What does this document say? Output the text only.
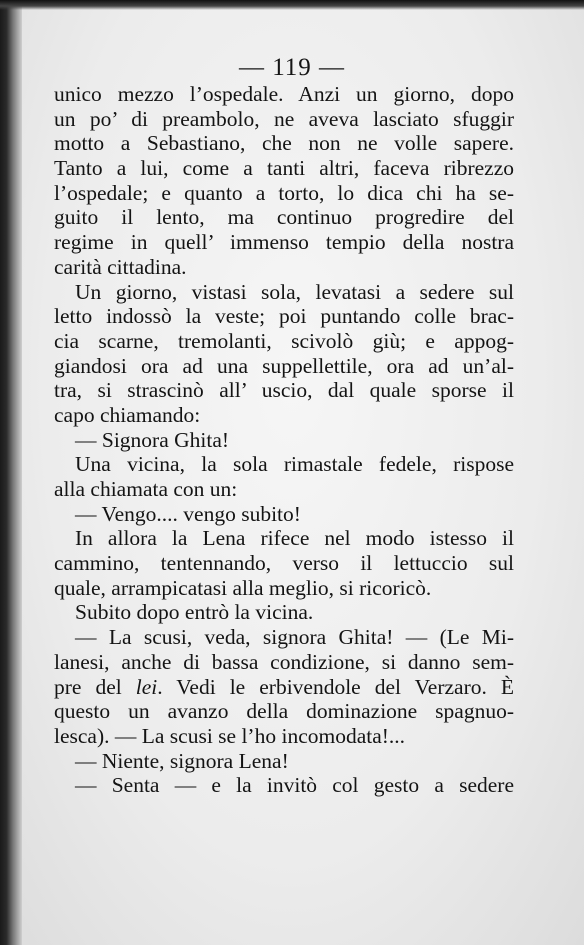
— 119 —
unico mezzo l’ospedale. Anzi un giorno, dopo
un po’ di preambolo, ne aveva lasciato sfuggir
motto a Sebastiano, che non ne volle sapere.
Tanto a lui, come a tanti altri, faceva ribrezzo
l’ospedale; e quanto a torto, lo dica chi ha se-
guito il lento, ma continuo progredire del
regime in quell’ immenso tempio della nostra
carità cittadina.
Un giorno, vistasi sola, levatasi a sedere sul
letto indossò la veste; poi puntando colle brac-
cia scarne, tremolanti, scivolò giù; e appog-
giandosi ora ad una suppellettile, ora ad un’al-
tra, si strascinò all’ uscio, dal quale sporse il
capo chiamando:
— Signora Ghita!
Una vicina, la sola rimastale fedele, rispose
alla chiamata con un:
— Vengo.... vengo subito!
In allora la Lena rifece nel modo istesso il
cammino, tentennando, verso il lettuccio sul
quale, arrampicatasi alla meglio, si ricoricò.
Subito dopo entrò la vicina.
— La scusi, veda, signora Ghita! — (Le Mi-
lanesi, anche di bassa condizione, si danno sem-
pre del lei. Vedi le erbivendole del Verzaro. È
questo un avanzo della dominazione spagnuo-
lesca). — La scusi se l’ho incomodata!...
— Niente, signora Lena!
— Senta — e la invitò col gesto a sedere
